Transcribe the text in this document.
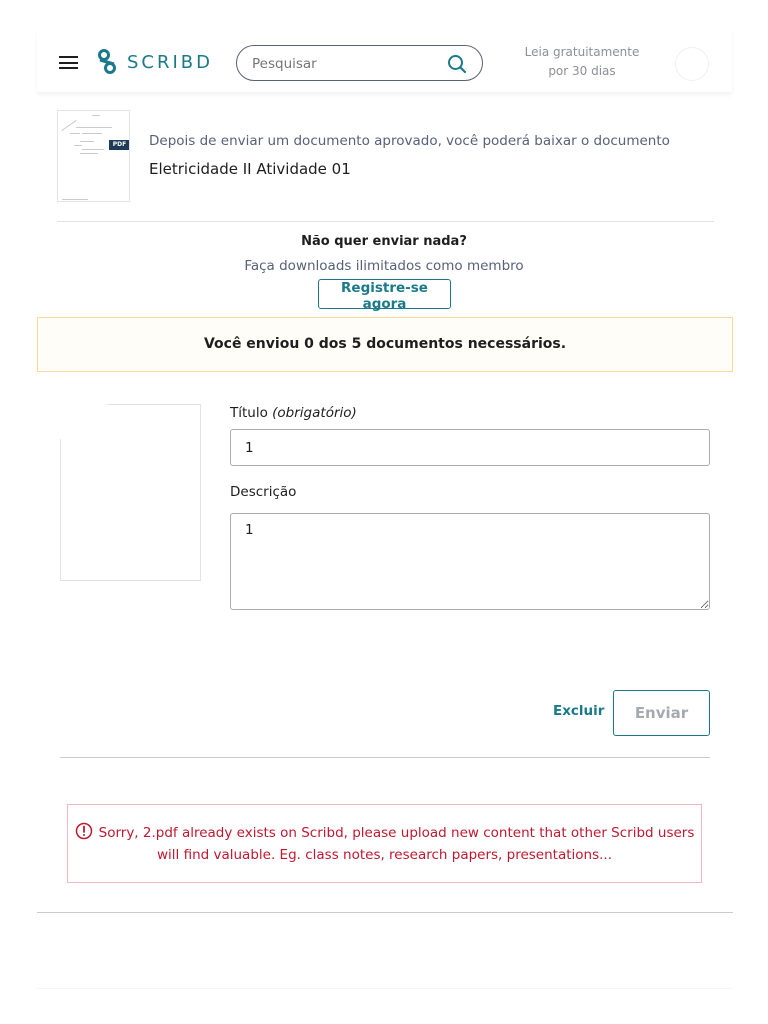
SCRIBD
Pesquisar	Leia gratuitamente
por 30 dias
PDF Depois de enviar um documento aprovado, você poderá baixar o documento
Eletricidade II Atividade 01
Não quer enviar nada?
Faça downloads ilimitados como membro
Registre-se agora
Você enviou 0 dos 5 documentos necessários.
Título (obrigatório)
1
Descrição
1
Excluir	Enviar
Sorry, 2.pdf already exists on Scribd, please upload new content that other Scribd users
will find valuable. Eg. class notes, research papers, presentations...
